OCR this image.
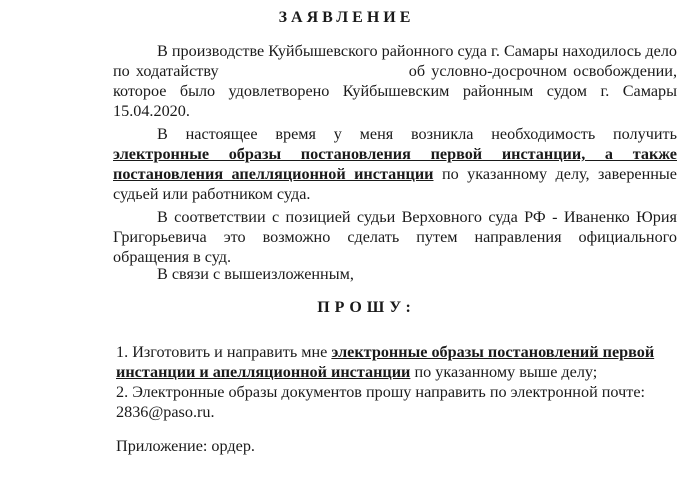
ЗАЯВЛЕНИЕ

В производстве Куйбышевского районного суда г. Самары находилось дело по ходатайству	об условно-досрочном освобождении, которое было удовлетворено Куйбышевским районным судом г. Самары 15.04.2020.

В настоящее время у меня возникла необходимость получить электронные образы постановления первой инстанции, а также постановления апелляционной инстанции по указанному делу, заверенные судьей или работником суда.

В соответствии с позицией судьи Верховного суда РФ - Иваненко Юрия Григорьевича это возможно сделать путем направления официального обращения в суд.

В связи с вышеизложенным,

ПРОШУ:

1. Изготовить и направить мне электронные образы постановлений первой инстанции и апелляционной инстанции по указанному выше делу;

2. Электронные образы документов прошу направить по электронной почте: 2836@paso.ru.

Приложение: ордер.
